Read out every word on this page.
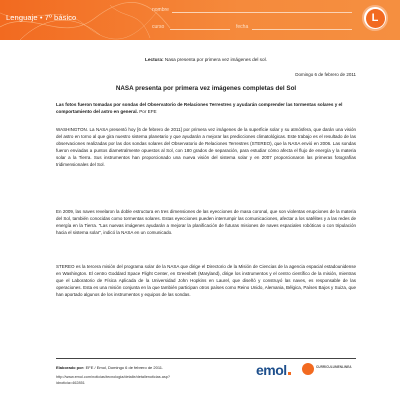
Lenguaje • 7º básico
nombre
curso	fecha
L
Lectura: Nasa presenta por primera vez imágenes del sol.
Domingo 6 de febrero de 2011
NASA presenta por primera vez imágenes completas del Sol
Las fotos fueron tomadas por sondas del Observatorio de Relaciones Terrestres y ayudarán comprender las tormentas solares y el comportamiento del astro en general. Por EFE

WASHINGTON. La NASA presentó hoy [6 de febrero de 2011] por primera vez imágenes de la superficie solar y su atmósfera, que darán una visión del astro en torno al que gira nuestro sistema planetario y que ayudarán a mejorar las predicciones climatológicas. Este trabajo es el resultado de las observaciones realizadas por las dos sondas solares del Observatorio de Relaciones Terrestres (STEREO), que la NASA envió en 2006. Las sondas fueron enviadas a puntos diametralmente opuestos al Sol, con 180 grados de separación, para estudiar cómo afecta el flujo de energía y la materia solar a la Tierra. Sus instrumentos han proporcionado una nueva visión del sistema solar y en 2007 proporcionaron las primeras fotografías tridimensionales del Sol.

En 2009, las naves revelaron la doble estructura en tres dimensiones de las eyecciones de masa coronal, que son violentas erupciones de la materia del Sol, también conocidas como tormentas solares. Estas eyecciones pueden interrumpir las comunicaciones, afectar a los satélites y a las redes de energía en la Tierra. "Las nuevas imágenes ayudarán a mejorar la planificación de futuras misiones de naves espaciales robóticas o con tripulación hacia el sistema solar", indicó la NASA en un comunicado.

STEREO es la tercera misión del programa solar de la NASA que dirige el Directorio de la Misión de Ciencias de la agencia espacial estadounidense en Washington. El centro Goddard Space Flight Center, en Greenbelt (Maryland), dirige los instrumentos y el centro científico de la misión, mientras que el Laboratorio de Física Aplicada de la Universidad John Hopkins en Laurel, que diseñó y construyó las naves, es responsable de las operaciones. Esta es una misión conjunta en la que también participan otros países como Reino Unido, Alemania, Bélgica, Países Bajos y Suiza, que han aportado algunos de los instrumentos y equipos de las sondas.

Elaborado por: EFE / Emol, Domingo 6 de febrero de 2011.
http://www.emol.com/noticias/tecnologia/detalle/detallenoticias.asp?idnoticia=462851
emol	CURRICULUMENLINEA
